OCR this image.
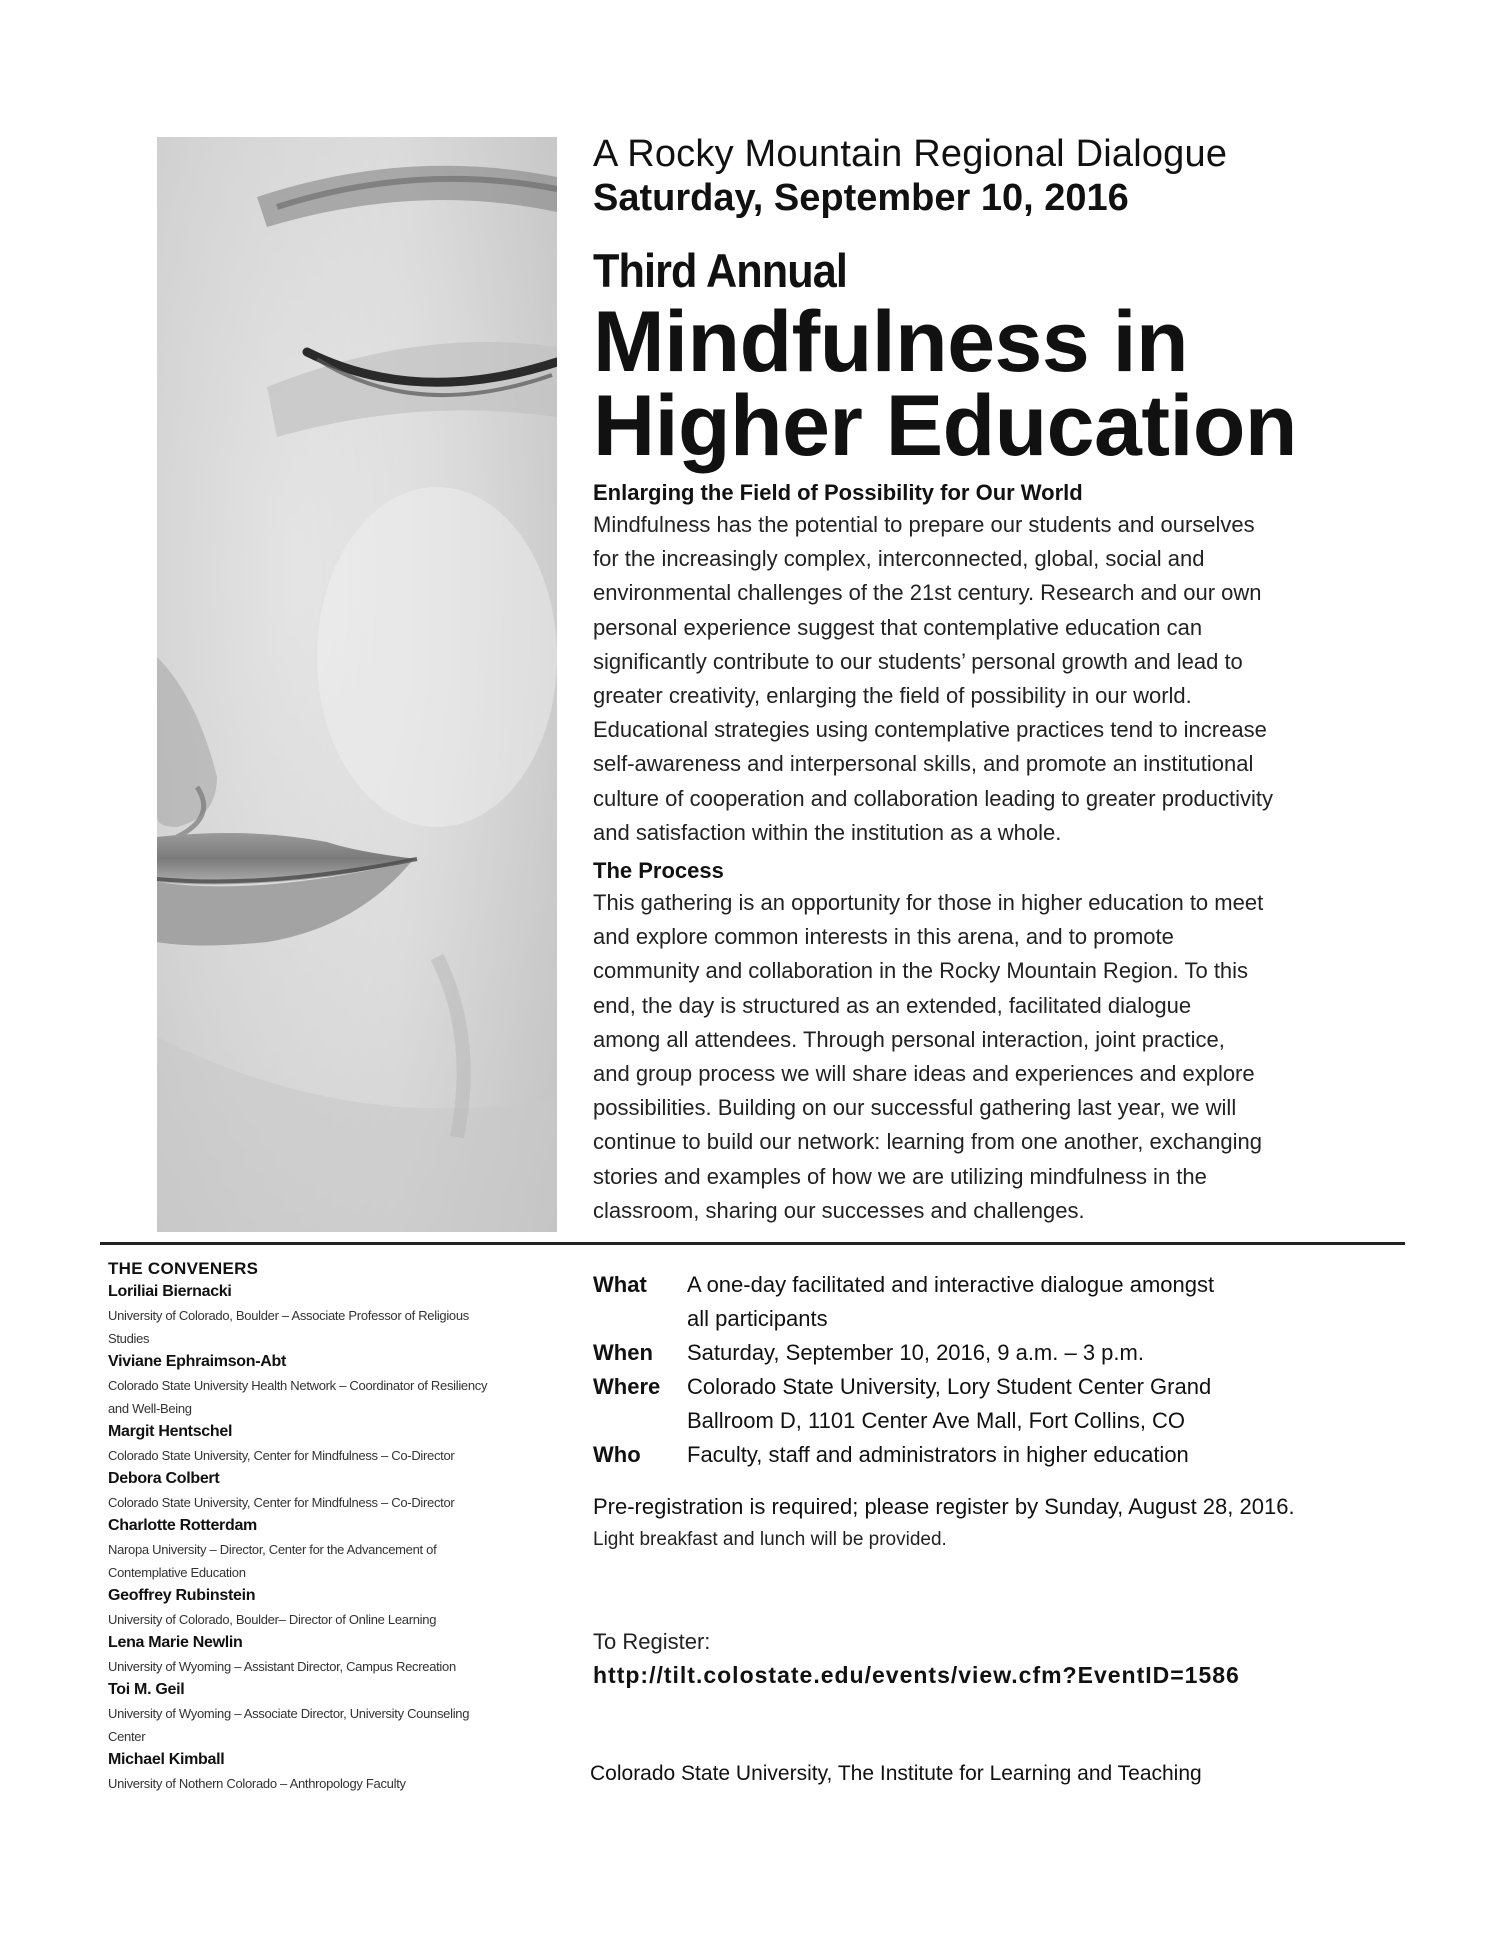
A Rocky Mountain Regional Dialogue
Saturday, September 10, 2016
Third Annual
Mindfulness in
Higher Education
Enlarging the Field of Possibility for Our World
Mindfulness has the potential to prepare our students and ourselves
for the increasingly complex, interconnected, global, social and
environmental challenges of the 21st century. Research and our own
personal experience suggest that contemplative education can
significantly contribute to our students’ personal growth and lead to
greater creativity, enlarging the field of possibility in our world.
Educational strategies using contemplative practices tend to increase
self-awareness and interpersonal skills, and promote an institutional
culture of cooperation and collaboration leading to greater productivity
and satisfaction within the institution as a whole.
The Process
This gathering is an opportunity for those in higher education to meet
and explore common interests in this arena, and to promote
community and collaboration in the Rocky Mountain Region. To this
end, the day is structured as an extended, facilitated dialogue
among all attendees. Through personal interaction, joint practice,
and group process we will share ideas and experiences and explore
possibilities. Building on our successful gathering last year, we will
continue to build our network: learning from one another, exchanging
stories and examples of how we are utilizing mindfulness in the
classroom, sharing our successes and challenges.
THE CONVENERS
Loriliai Biernacki
University of Colorado, Boulder – Associate Professor of Religious
Studies
Viviane Ephraimson-Abt
Colorado State University Health Network – Coordinator of Resiliency
and Well-Being
Margit Hentschel
Colorado State University, Center for Mindfulness – Co-Director
Debora Colbert
Colorado State University, Center for Mindfulness – Co-Director
Charlotte Rotterdam
Naropa University – Director, Center for the Advancement of
Contemplative Education
Geoffrey Rubinstein
University of Colorado, Boulder– Director of Online Learning
Lena Marie Newlin
University of Wyoming – Assistant Director, Campus Recreation
Toi M. Geil
University of Wyoming – Associate Director, University Counseling
Center
Michael Kimball
University of Nothern Colorado – Anthropology Faculty
What	A one-day facilitated and interactive dialogue amongst
all participants
When	Saturday, September 10, 2016, 9 a.m. – 3 p.m.
Where	Colorado State University, Lory Student Center Grand
Ballroom D, 1101 Center Ave Mall, Fort Collins, CO
Who	Faculty, staff and administrators in higher education
Pre-registration is required; please register by Sunday, August 28, 2016.
Light breakfast and lunch will be provided.
To Register:
http://tilt.colostate.edu/events/view.cfm?EventID=1586
Colorado State University, The Institute for Learning and Teaching
